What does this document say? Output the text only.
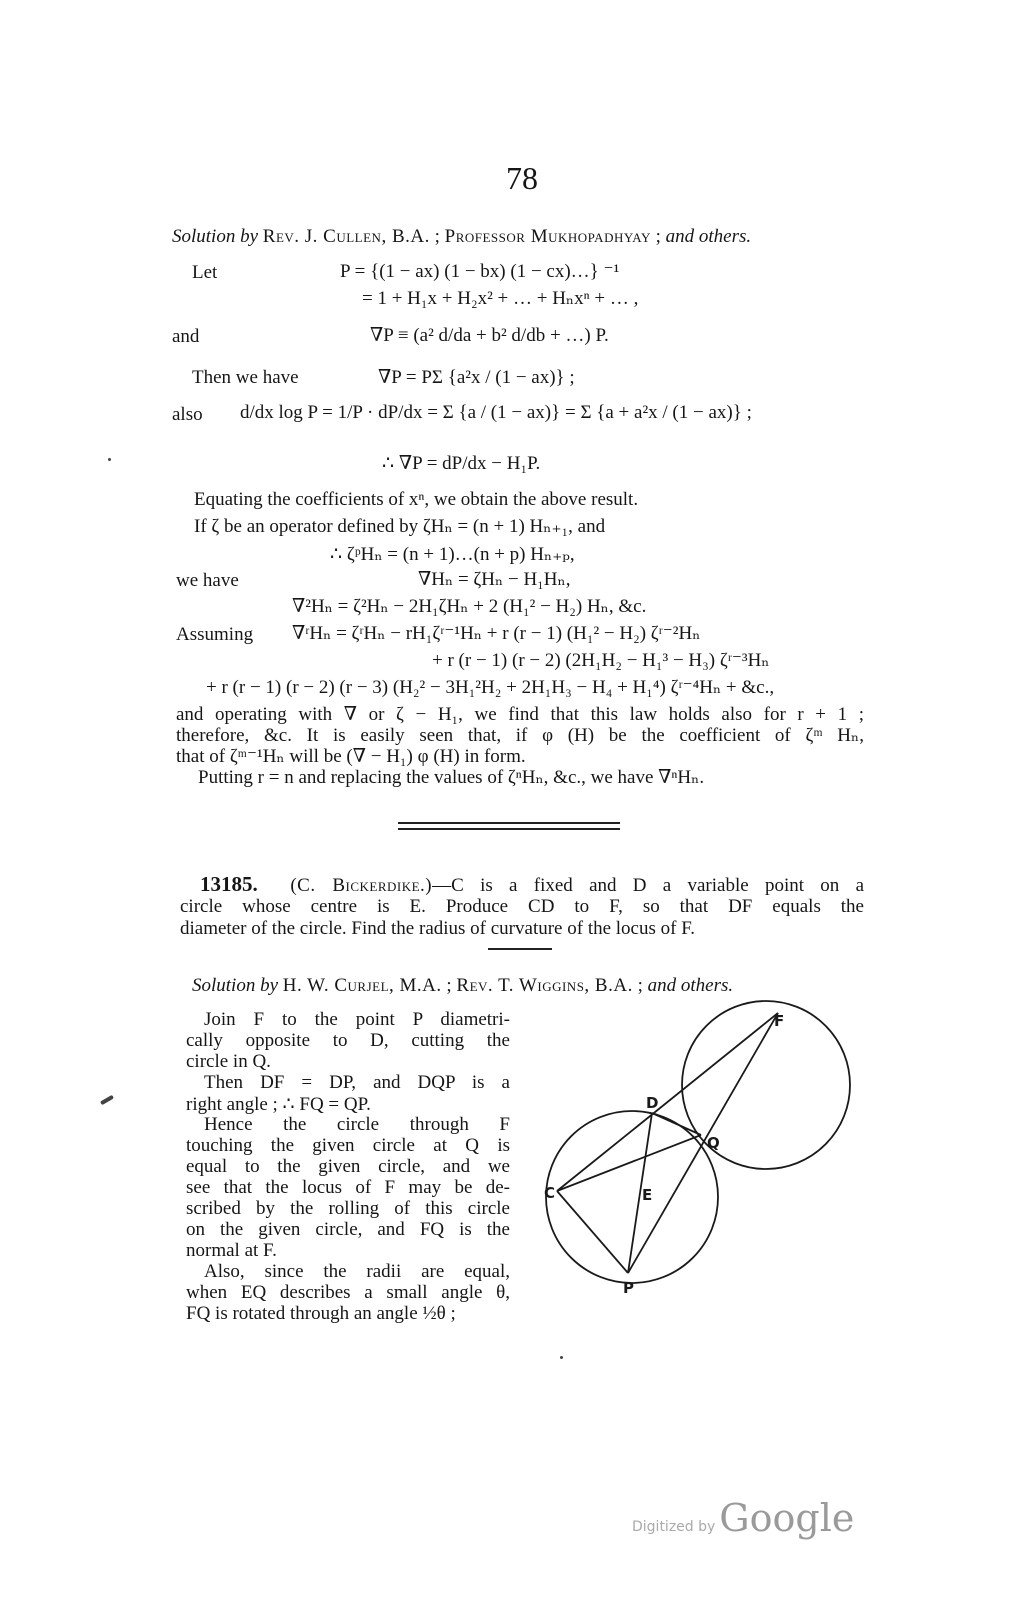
78
Solution by Rev. J. Cullen, B.A. ; Professor Mukhopadhyay ; and others.
Let	P = {(1 − ax) (1 − bx) (1 − cx)…} ⁻¹
= 1 + H₁x + H₂x² + … + Hₙxⁿ + … ,
and	∇P ≡ (a² d/da + b² d/db + …) P.
Then we have	∇P = PΣ {a²x / (1 − ax)} ;
also d/dx log P = 1/P · dP/dx = Σ {a / (1 − ax)} = Σ {a + a²x / (1 − ax)} ;
∴ ∇P = dP/dx − H₁P.
Equating the coefficients of xⁿ, we obtain the above result.
If ζ be an operator defined by ζHₙ = (n + 1) Hₙ₊₁, and
∴ ζᵖHₙ = (n + 1)…(n + p) Hₙ₊ₚ,
we have	∇Hₙ = ζHₙ − H₁Hₙ,
∇²Hₙ = ζ²Hₙ − 2H₁ζHₙ + 2 (H₁² − H₂) Hₙ, &c.
Assuming ∇ʳHₙ = ζʳHₙ − rH₁ζʳ⁻¹Hₙ + r (r − 1) (H₁² − H₂) ζʳ⁻²Hₙ
+ r (r − 1) (r − 2) (2H₁H₂ − H₁³ − H₃) ζʳ⁻³Hₙ
+ r (r − 1) (r − 2) (r − 3) (H₂² − 3H₁²H₂ + 2H₁H₃ − H₄ + H₁⁴) ζʳ⁻⁴Hₙ + &c.,
and operating with ∇ or ζ − H₁, we find that this law holds also for r + 1 ;
therefore, &c. It is easily seen that, if φ (H) be the coefficient of ζᵐ Hₙ,
that of ζᵐ⁻¹Hₙ will be (∇ − H₁) φ (H) in form.
Putting r = n and replacing the values of ζⁿHₙ, &c., we have ∇ⁿHₙ.
13185. (C. Bickerdike.)—C is a fixed and D a variable point on a
circle whose centre is E. Produce CD to F, so that DF equals the
diameter of the circle. Find the radius of curvature of the locus of F.
Solution by H. W. Curjel, M.A. ; Rev. T. Wiggins, B.A. ; and others.
Join F to the point P diametri-
cally opposite to D, cutting the
circle in Q.
Then DF = DP, and DQP is a
right angle ; ∴ FQ = QP.
Hence the circle through F
touching the given circle at Q is
equal to the given circle, and we
see that the locus of F may be de-
scribed by the rolling of this circle
on the given circle, and FQ is the
normal at F.
Also, since the radii are equal,
when EQ describes a small angle θ,
FQ is rotated through an angle ½θ ;
F
D
Q
C	E
P
Digitized by Google
